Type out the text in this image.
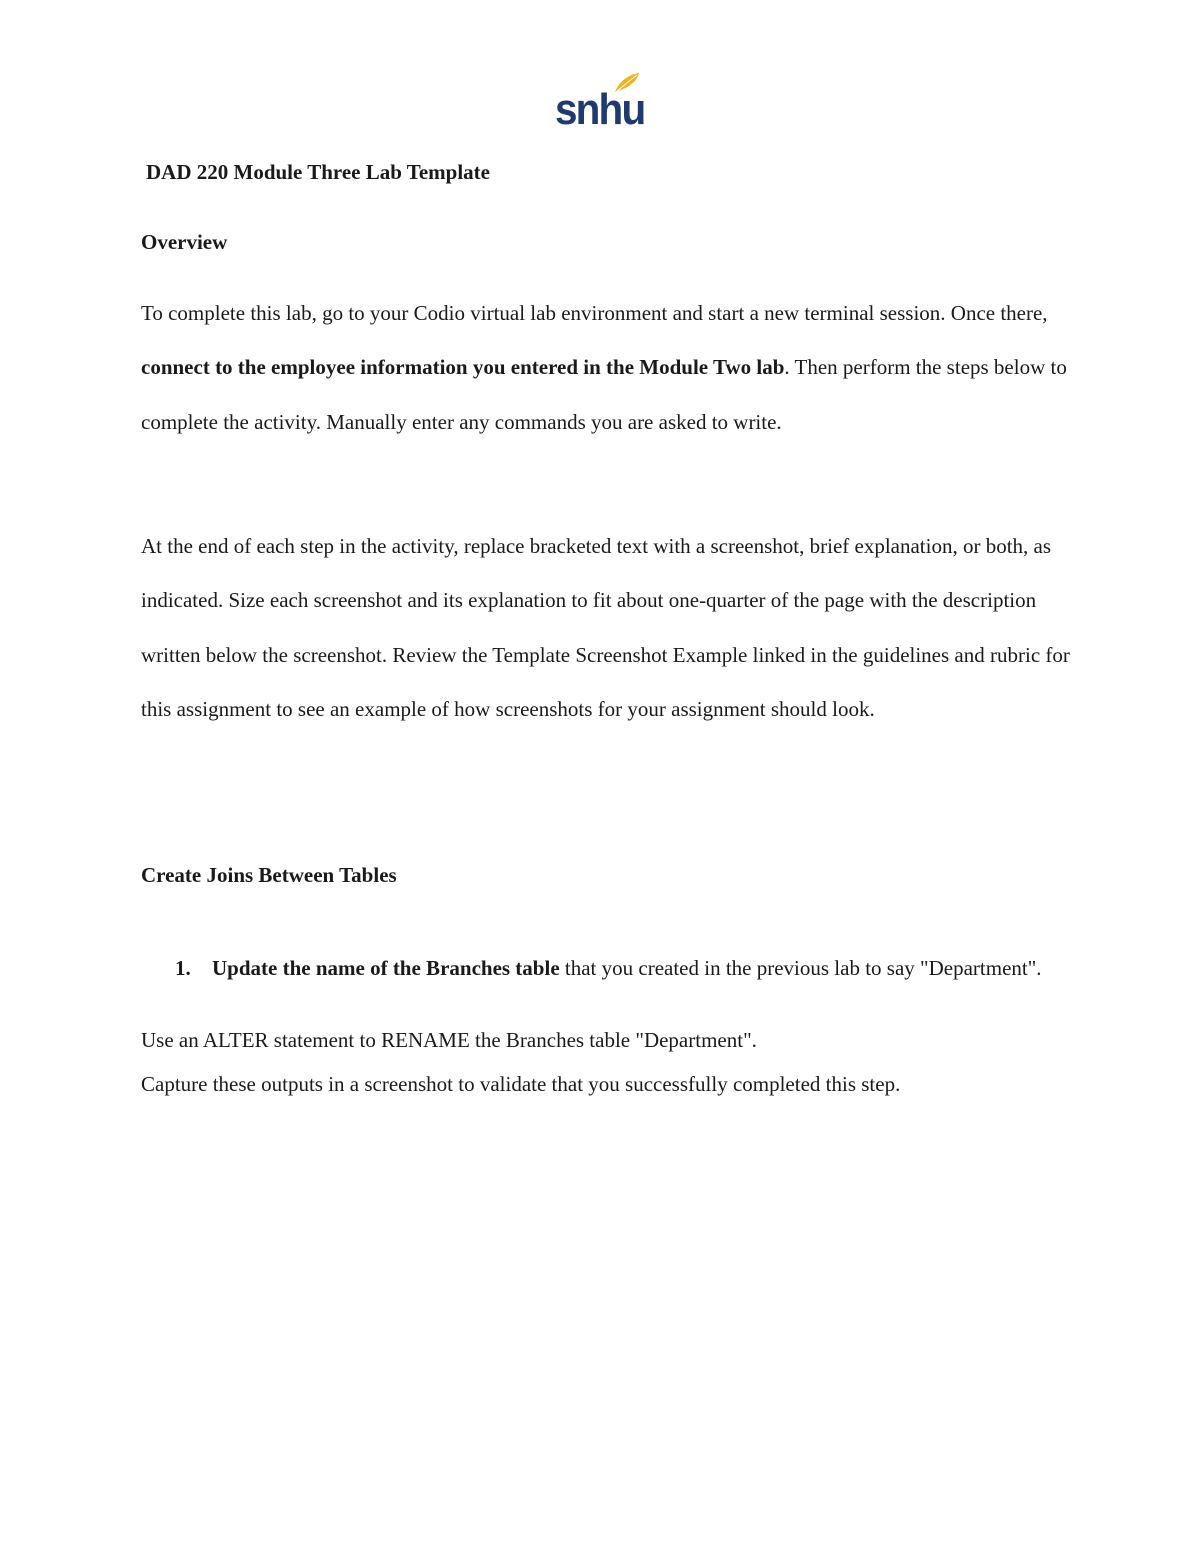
snhu
DAD 220 Module Three Lab Template
Overview

To complete this lab, go to your Codio virtual lab environment and start a new terminal session. Once there, connect to the employee information you entered in the Module Two lab. Then perform the steps below to complete the activity. Manually enter any commands you are asked to write.

At the end of each step in the activity, replace bracketed text with a screenshot, brief explanation, or both, as indicated. Size each screenshot and its explanation to fit about one-quarter of the page with the description written below the screenshot. Review the Template Screenshot Example linked in the guidelines and rubric for this assignment to see an example of how screenshots for your assignment should look.

Create Joins Between Tables
1. Update the name of the Branches table that you created in the previous lab to say "Department".

Use an ALTER statement to RENAME the Branches table "Department".

Capture these outputs in a screenshot to validate that you successfully completed this step.
